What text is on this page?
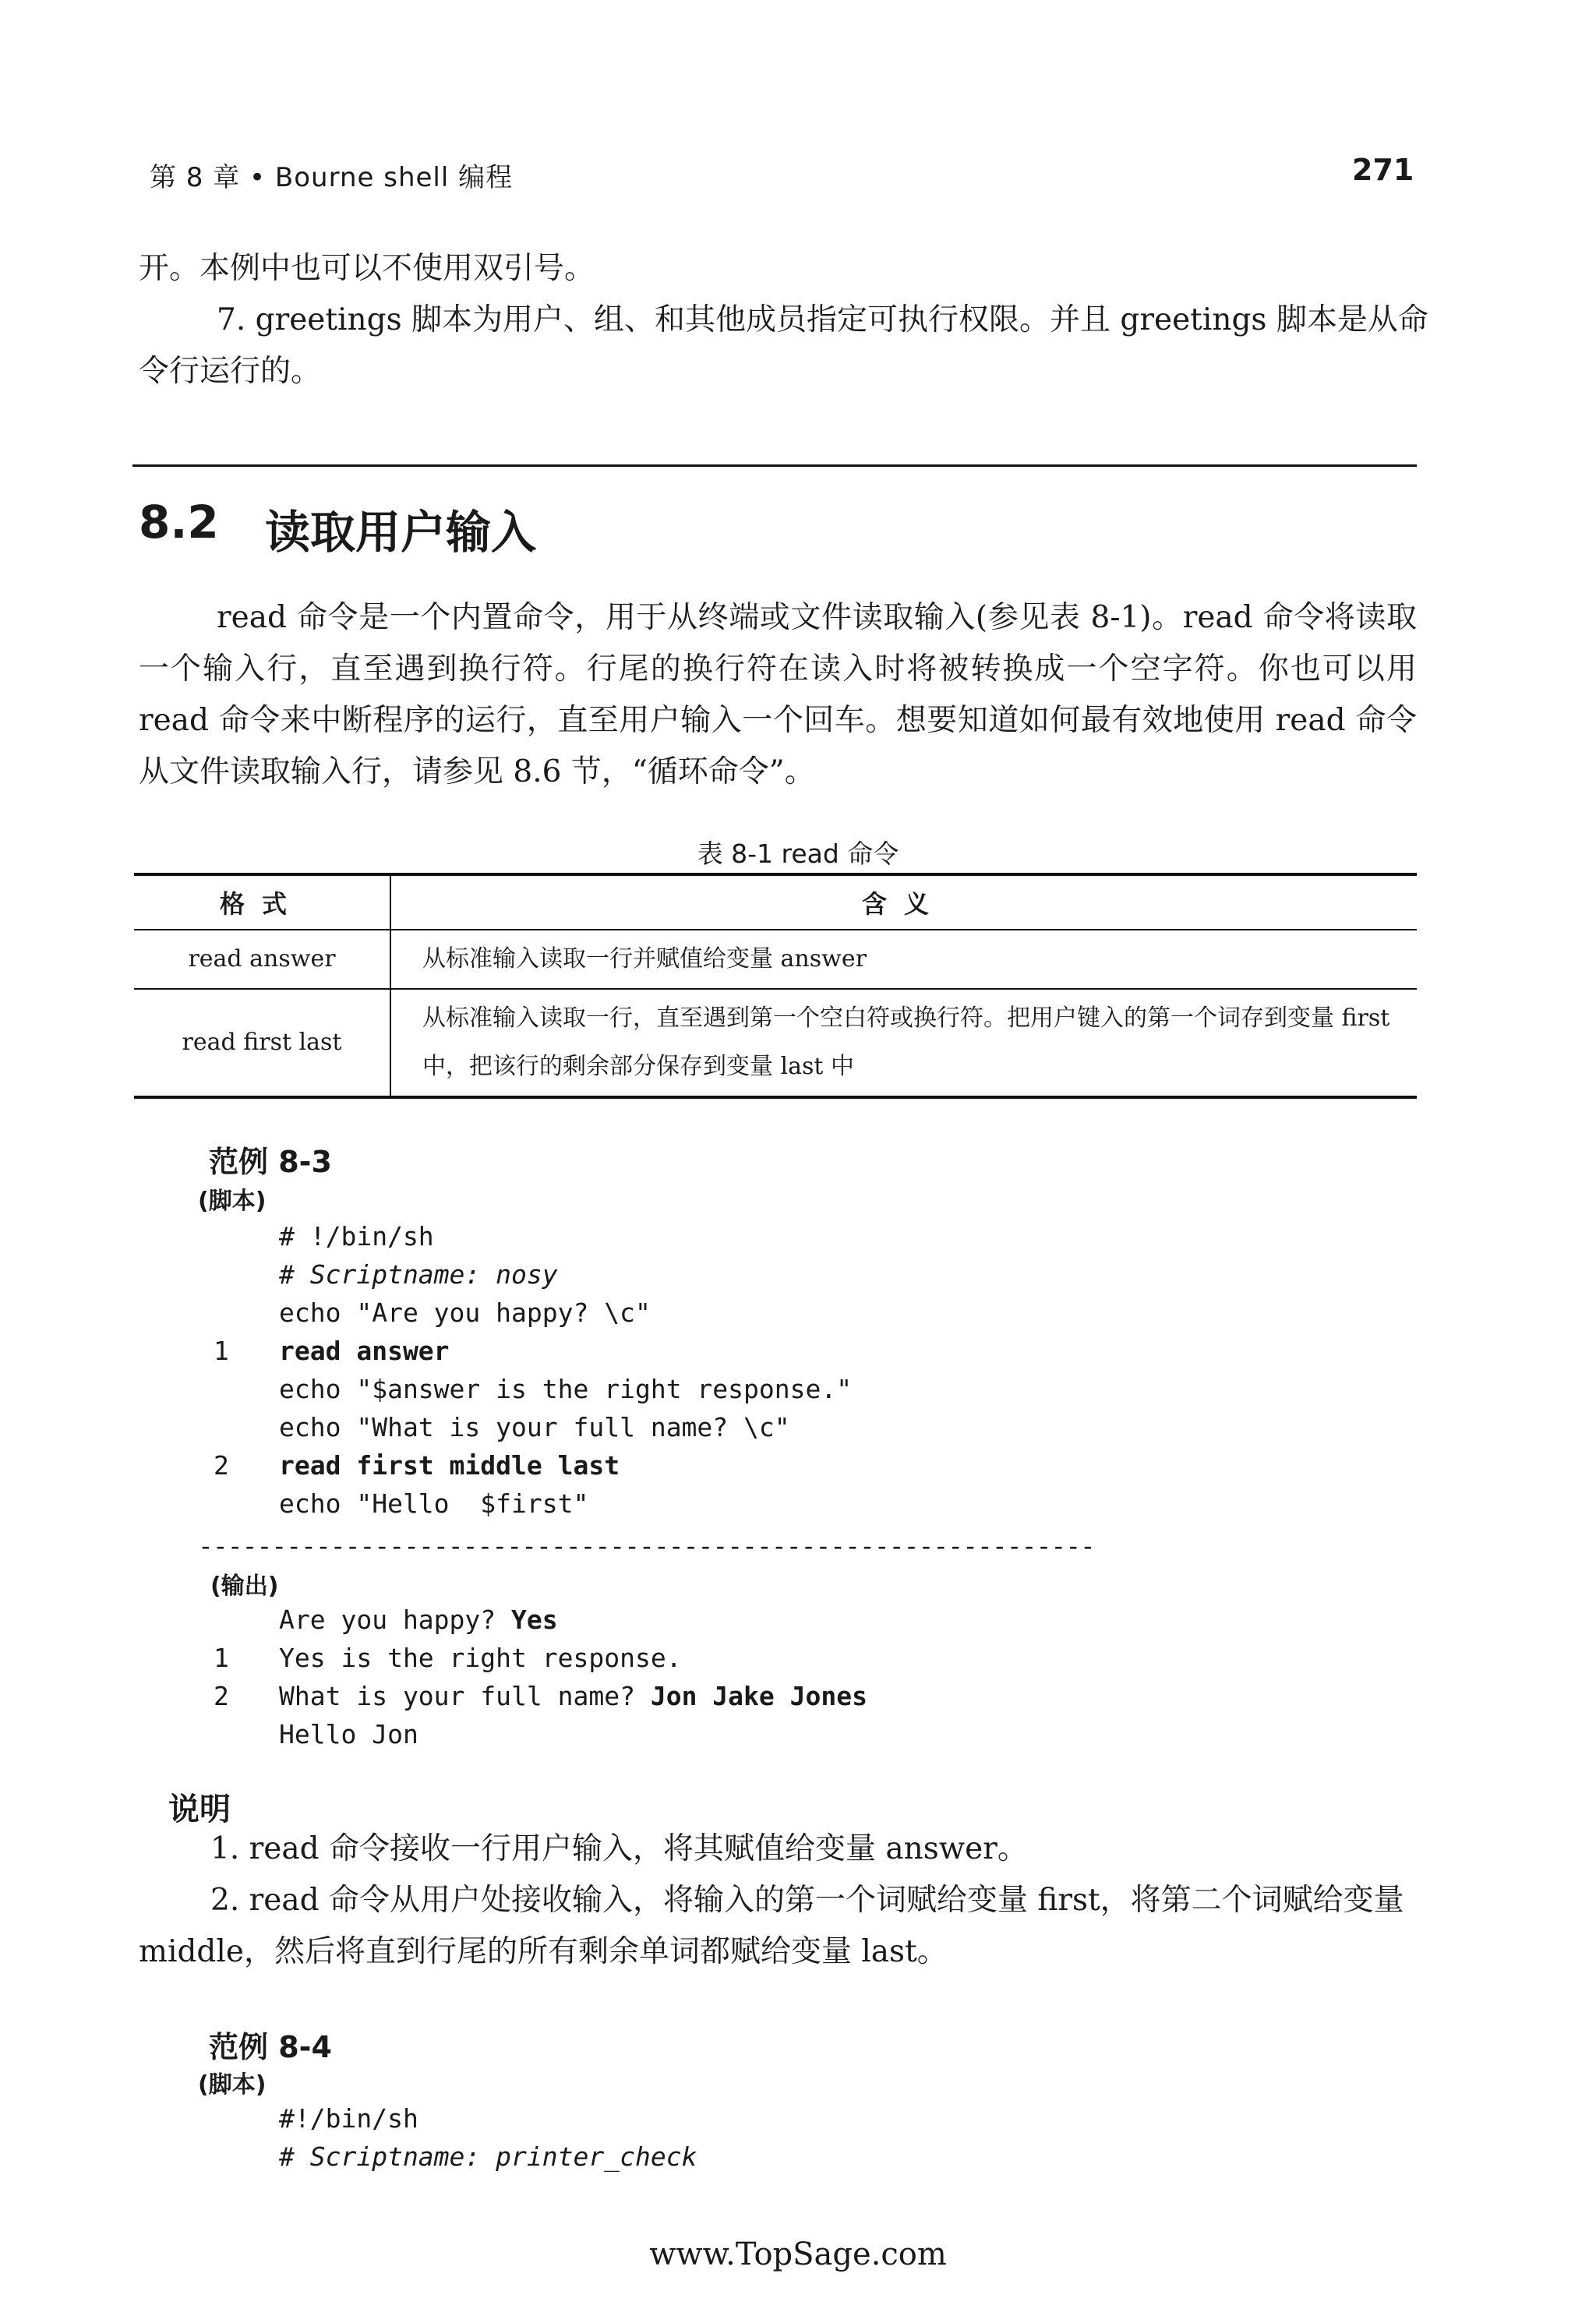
第 8 章 • Bourne shell 编程	271
开。本例中也可以不使用双引号。
7. greetings 脚本为用户、组、和其他成员指定可执行权限。并且 greetings 脚本是从命令行运行的。
8.2 读取用户输入
read 命令是一个内置命令，用于从终端或文件读取输入(参见表 8-1)。read 命令将读取一个输入行，直至遇到换行符。行尾的换行符在读入时将被转换成一个空字符。你也可以用 read 命令来中断程序的运行，直至用户输入一个回车。想要知道如何最有效地使用 read 命令从文件读取输入行，请参见 8.6 节，“循环命令”。
表 8-1 read 命令
格式	含义
read answer	从标准输入读取一行并赋值给变量 answer
read first last	从标准输入读取一行，直至遇到第一个空白符或换行符。把用户键入的第一个词存到变量 first 中，把该行的剩余部分保存到变量 last 中
范例 8-3
(脚本)
# !/bin/sh
# Scriptname: nosy
echo "Are you happy? \c"
1 read answer
echo "$answer is the right response."
echo "What is your full name? \c"
2 read first middle last
echo "Hello  $first"
-------------------------------------------------------------
(输出)
Are you happy? Yes
1 Yes is the right response.
2 What is your full name? Jon Jake Jones
Hello Jon
说明
1. read 命令接收一行用户输入，将其赋值给变量 answer。
2. read 命令从用户处接收输入，将输入的第一个词赋给变量 first，将第二个词赋给变量 middle，然后将直到行尾的所有剩余单词都赋给变量 last。
范例 8-4
(脚本)
#!/bin/sh
# Scriptname: printer_check
www.TopSage.com
